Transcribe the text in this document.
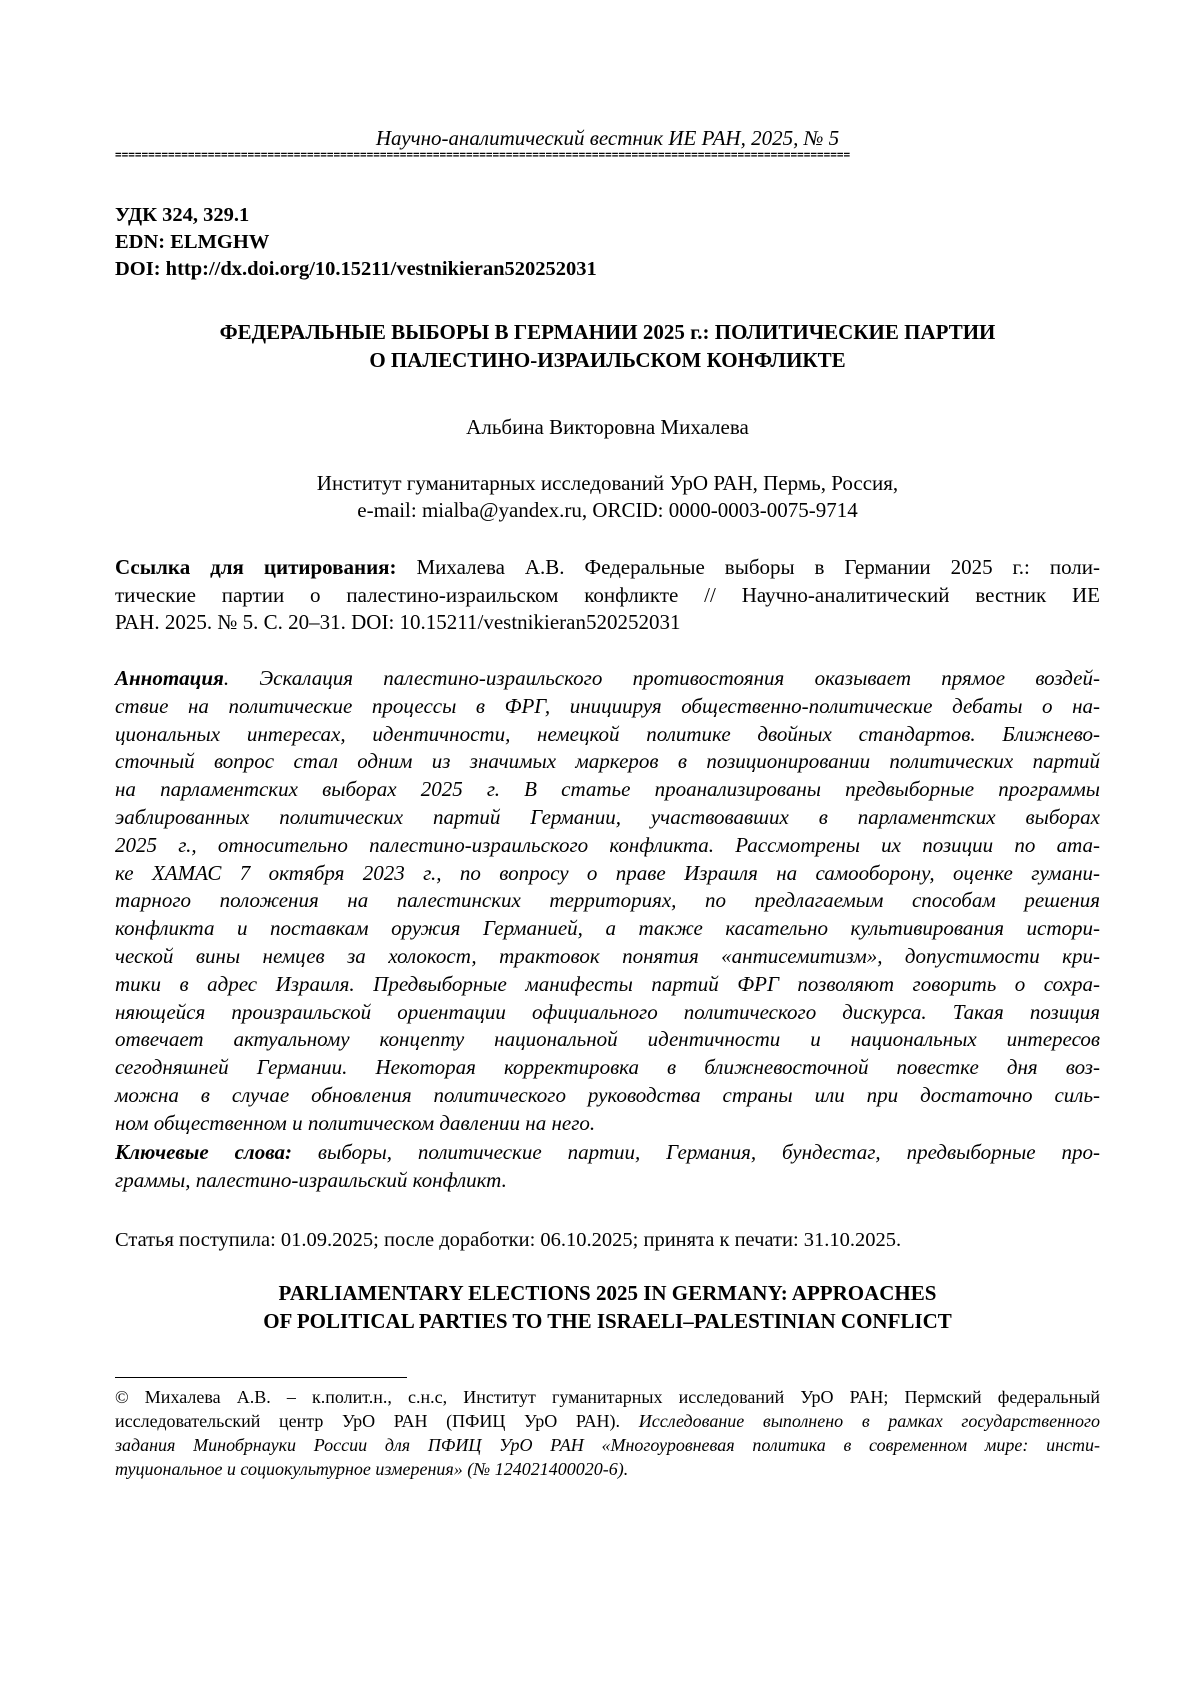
Научно-аналитический вестник ИЕ РАН, 2025, № 5
===============================================================================================================
УДК 324, 329.1
EDN: ELMGHW
DOI: http://dx.doi.org/10.15211/vestnikieran520252031
ФЕДЕРАЛЬНЫЕ ВЫБОРЫ В ГЕРМАНИИ 2025 г.: ПОЛИТИЧЕСКИЕ ПАРТИИ
О ПАЛЕСТИНО-ИЗРАИЛЬСКОМ КОНФЛИКТЕ
Альбина Викторовна Михалева
Институт гуманитарных исследований УрО РАН, Пермь, Россия,
e-mail: mialba@yandex.ru, ORCID: 0000-0003-0075-9714
Ссылка для цитирования: Михалева А.В. Федеральные выборы в Германии 2025 г.: поли-
тические партии о палестино-израильском конфликте // Научно-аналитический вестник ИЕ
РАН. 2025. № 5. С. 20–31. DOI: 10.15211/vestnikieran520252031
Аннотация. Эскалация палестино-израильского противостояния оказывает прямое воздей-
ствие на политические процессы в ФРГ, инициируя общественно-политические дебаты о на-
циональных интересах, идентичности, немецкой политике двойных стандартов. Ближнево-
сточный вопрос стал одним из значимых маркеров в позиционировании политических партий
на парламентских выборах 2025 г. В статье проанализированы предвыборные программы
эаблированных политических партий Германии, участвовавших в парламентских выборах
2025 г., относительно палестино-израильского конфликта. Рассмотрены их позиции по ата-
ке ХАМАС 7 октября 2023 г., по вопросу о праве Израиля на самооборону, оценке гумани-
тарного положения на палестинских территориях, по предлагаемым способам решения
конфликта и поставкам оружия Германией, а также касательно культивирования истори-
ческой вины немцев за холокост, трактовок понятия «антисемитизм», допустимости кри-
тики в адрес Израиля. Предвыборные манифесты партий ФРГ позволяют говорить о сохра-
няющейся произраильской ориентации официального политического дискурса. Такая позиция
отвечает актуальному концепту национальной идентичности и национальных интересов
сегодняшней Германии. Некоторая корректировка в ближневосточной повестке дня воз-
можна в случае обновления политического руководства страны или при достаточно силь-
ном общественном и политическом давлении на него.
Ключевые слова: выборы, политические партии, Германия, бундестаг, предвыборные про-
граммы, палестино-израильский конфликт.
Статья поступила: 01.09.2025; после доработки: 06.10.2025; принята к печати: 31.10.2025.
PARLIAMENTARY ELECTIONS 2025 IN GERMANY: APPROACHES
OF POLITICAL PARTIES TO THE ISRAELI–PALESTINIAN CONFLICT
© Михалева А.В. – к.полит.н., с.н.с, Институт гуманитарных исследований УрО РАН; Пермский федеральный
исследовательский центр УрО РАН (ПФИЦ УрО РАН). Исследование выполнено в рамках государственного
задания Минобрнауки России для ПФИЦ УрО РАН «Многоуровневая политика в современном мире: инсти-
туциональное и социокультурное измерения» (№ 124021400020-6).
